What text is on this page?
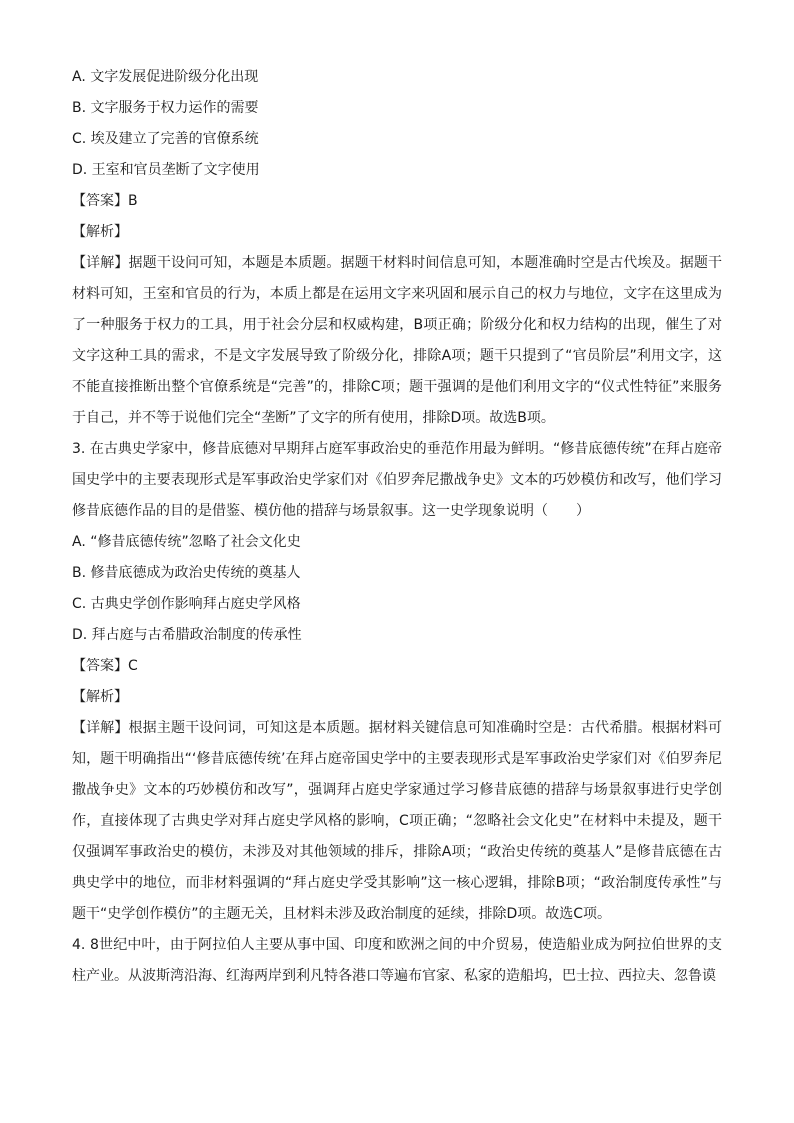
A. 文字发展促进阶级分化出现

B. 文字服务于权力运作的需要

C. 埃及建立了完善的官僚系统

D. 王室和官员垄断了文字使用

【答案】B

【解析】

【详解】据题干设问可知，本题是本质题。据题干材料时间信息可知，本题准确时空是古代埃及。据题干材料可知，王室和官员的行为，本质上都是在运用文字来巩固和展示自己的权力与地位，文字在这里成为了一种服务于权力的工具，用于社会分层和权威构建，B项正确；阶级分化和权力结构的出现，催生了对文字这种工具的需求，不是文字发展导致了阶级分化，排除A项；题干只提到了“官员阶层”利用文字，这不能直接推断出整个官僚系统是“完善”的，排除C项；题干强调的是他们利用文字的“仪式性特征”来服务于自己，并不等于说他们完全“垄断”了文字的所有使用，排除D项。故选B项。

3. 在古典史学家中，修昔底德对早期拜占庭军事政治史的垂范作用最为鲜明。“修昔底德传统”在拜占庭帝国史学中的主要表现形式是军事政治史学家们对《伯罗奔尼撒战争史》文本的巧妙模仿和改写，他们学习修昔底德作品的目的是借鉴、模仿他的措辞与场景叙事。这一史学现象说明（　　）

A. “修昔底德传统”忽略了社会文化史

B. 修昔底德成为政治史传统的奠基人

C. 古典史学创作影响拜占庭史学风格

D. 拜占庭与古希腊政治制度的传承性

【答案】C

【解析】

【详解】根据主题干设问词，可知这是本质题。据材料关键信息可知准确时空是：古代希腊。根据材料可知，题干明确指出“‘修昔底德传统’在拜占庭帝国史学中的主要表现形式是军事政治史学家们对《伯罗奔尼撒战争史》文本的巧妙模仿和改写”，强调拜占庭史学家通过学习修昔底德的措辞与场景叙事进行史学创作，直接体现了古典史学对拜占庭史学风格的影响，C项正确；“忽略社会文化史”在材料中未提及，题干仅强调军事政治史的模仿，未涉及对其他领域的排斥，排除A项；“政治史传统的奠基人”是修昔底德在古典史学中的地位，而非材料强调的“拜占庭史学受其影响”这一核心逻辑，排除B项；“政治制度传承性”与题干“史学创作模仿”的主题无关，且材料未涉及政治制度的延续，排除D项。故选C项。

4. 8世纪中叶，由于阿拉伯人主要从事中国、印度和欧洲之间的中介贸易，使造船业成为阿拉伯世界的支柱产业。从波斯湾沿海、红海两岸到利凡特各港口等遍布官家、私家的造船坞，巴士拉、西拉夫、忽鲁谟
